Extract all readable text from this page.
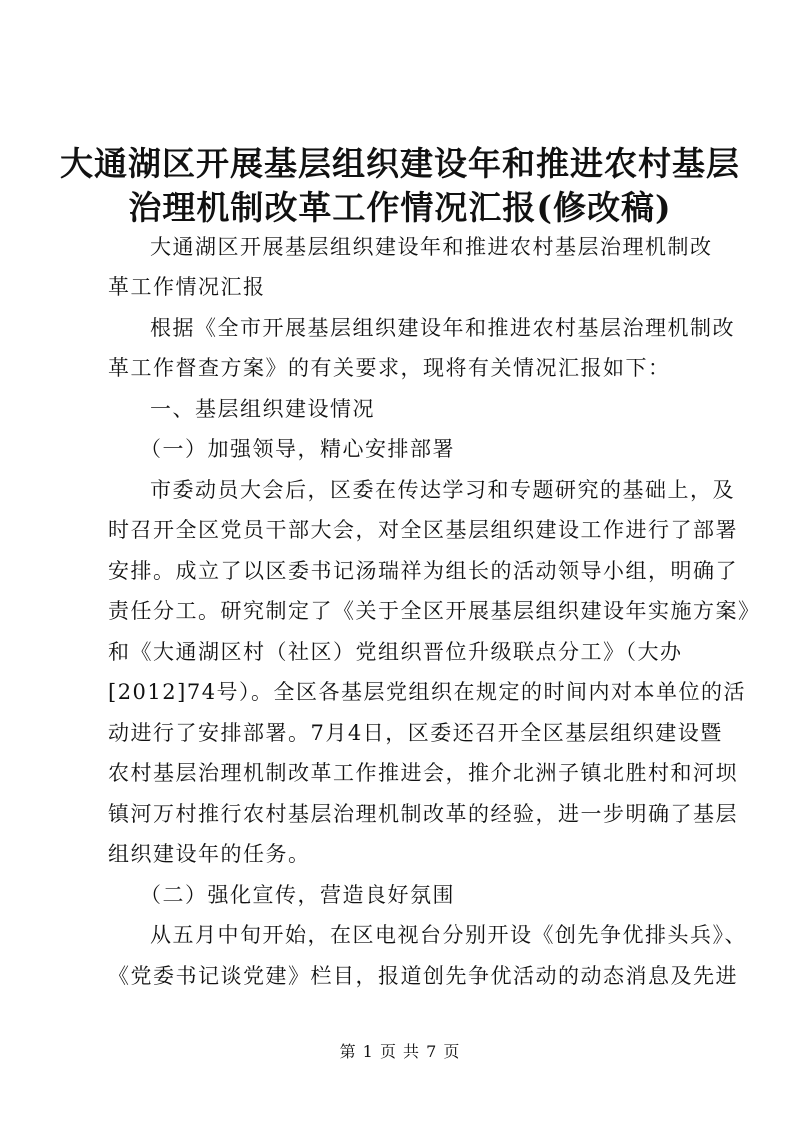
大通湖区开展基层组织建设年和推进农村基层
治理机制改革工作情况汇报(修改稿)
大通湖区开展基层组织建设年和推进农村基层治理机制改
革工作情况汇报
根据《全市开展基层组织建设年和推进农村基层治理机制改
革工作督查方案》的有关要求，现将有关情况汇报如下：
一、基层组织建设情况
（一）加强领导，精心安排部署
市委动员大会后，区委在传达学习和专题研究的基础上，及
时召开全区党员干部大会，对全区基层组织建设工作进行了部署
安排。成立了以区委书记汤瑞祥为组长的活动领导小组，明确了
责任分工。研究制定了《关于全区开展基层组织建设年实施方案》
和《大通湖区村（社区）党组织晋位升级联点分工》（大办
[2012]74号）。全区各基层党组织在规定的时间内对本单位的活
动进行了安排部署。7月4日，区委还召开全区基层组织建设暨
农村基层治理机制改革工作推进会，推介北洲子镇北胜村和河坝
镇河万村推行农村基层治理机制改革的经验，进一步明确了基层
组织建设年的任务。
（二）强化宣传，营造良好氛围
从五月中旬开始，在区电视台分别开设《创先争优排头兵》、
《党委书记谈党建》栏目，报道创先争优活动的动态消息及先进
第 1 页 共 7 页
